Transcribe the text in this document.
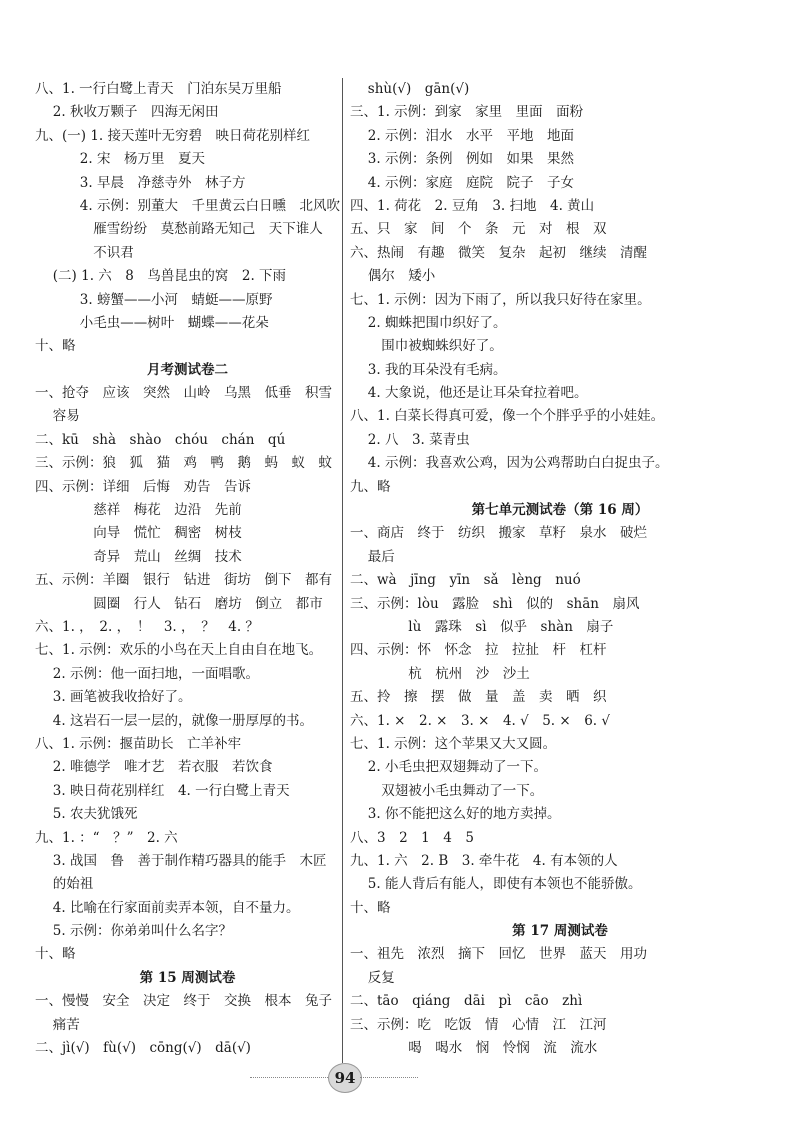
八、1. 一行白鹭上青天　门泊东吴万里船
　 2. 秋收万颗子　四海无闲田
九、(一) 1. 接天莲叶无穷碧　映日荷花别样红
　　　 2. 宋　杨万里　夏天
　　　 3. 早晨　净慈寺外　林子方
　　　 4. 示例：别董大　千里黄云白日曛　北风吹
　　　　 雁雪纷纷　莫愁前路无知己　天下谁人
　　　　 不识君
　 (二) 1. 六　8　鸟兽昆虫的窝　2. 下雨
　　　 3. 螃蟹——小河　蜻蜓——原野
　　　 小毛虫——树叶　蝴蝶——花朵
十、略
月考测试卷二
一、抢夺　应该　突然　山岭　乌黑　低垂　积雪
　 容易
二、kū　shà　shào　chóu　chán　qú
三、示例：狼　狐　猫　鸡　鸭　鹅　蚂　蚁　蚊
四、示例：详细　后悔　劝告　告诉
　　　　 慈祥　梅花　边沿　先前
　　　　 向导　慌忙　稠密　树枝
　　　　 奇异　荒山　丝绸　技术
五、示例：羊圈　银行　钻进　街坊　倒下　都有
　　　　 圆圈　行人　钻石　磨坊　倒立　都市
六、1. ，　2. ，　！　3. ，　？　4. ？
七、1. 示例：欢乐的小鸟在天上自由自在地飞。
　 2. 示例：他一面扫地，一面唱歌。
　 3. 画笔被我收拾好了。
　 4. 这岩石一层一层的，就像一册厚厚的书。
八、1. 示例：揠苗助长　亡羊补牢
　 2. 唯德学　唯才艺　若衣服　若饮食
　 3. 映日荷花别样红　4. 一行白鹭上青天
　 5. 农夫犹饿死
九、1. ：“　？”　2. 六
　 3. 战国　鲁　善于制作精巧器具的能手　木匠
　 的始祖
　 4. 比喻在行家面前卖弄本领，自不量力。
　 5. 示例：你弟弟叫什么名字？
十、略
第 15 周测试卷
一、慢慢　安全　决定　终于　交换　根本　兔子
　 痛苦
二、jì(√)　fù(√)　cōng(√)　dā(√)
　 shù(√)　gān(√)
三、1. 示例：到家　家里　里面　面粉
　 2. 示例：泪水　水平　平地　地面
　 3. 示例：条例　例如　如果　果然
　 4. 示例：家庭　庭院　院子　子女
四、1. 荷花　2. 豆角　3. 扫地　4. 黄山
五、只　家　间　个　条　元　对　根　双
六、热闹　有趣　微笑　复杂　起初　继续　清醒
　 偶尔　矮小
七、1. 示例：因为下雨了，所以我只好待在家里。
　 2. 蜘蛛把围巾织好了。
　 　围巾被蜘蛛织好了。
　 3. 我的耳朵没有毛病。
　 4. 大象说，他还是让耳朵耷拉着吧。
八、1. 白菜长得真可爱，像一个个胖乎乎的小娃娃。
　 2. 八　3. 菜青虫
　 4. 示例：我喜欢公鸡，因为公鸡帮助白白捉虫子。
九、略
第七单元测试卷（第 16 周）
一、商店　终于　纺织　搬家　草籽　泉水　破烂
　 最后
二、wà　jīng　yīn　sǎ　lèng　nuó
三、示例：lòu　露脸　shì　似的　shān　扇风
　　　　 lù　露珠　sì　似乎　shàn　扇子
四、示例：怀　怀念　拉　拉扯　杆　杠杆
　　　　 杭　杭州　沙　沙土
五、拎　擦　摆　做　量　盖　卖　晒　织
六、1. ×　2. ×　3. ×　4. √　5. ×　6. √
七、1. 示例：这个苹果又大又圆。
　 2. 小毛虫把双翅舞动了一下。
　 　双翅被小毛虫舞动了一下。
　 3. 你不能把这么好的地方卖掉。
八、3　2　1　4　5
九、1. 六　2. B　3. 牵牛花　4. 有本领的人
　 5. 能人背后有能人，即使有本领也不能骄傲。
十、略
第 17 周测试卷
一、祖先　浓烈　摘下　回忆　世界　蓝天　用功
　 反复
二、tāo　qiáng　dāi　pì　cāo　zhì
三、示例：吃　吃饭　情　心情　江　江河
　　　　 喝　喝水　悯　怜悯　流　流水
94
